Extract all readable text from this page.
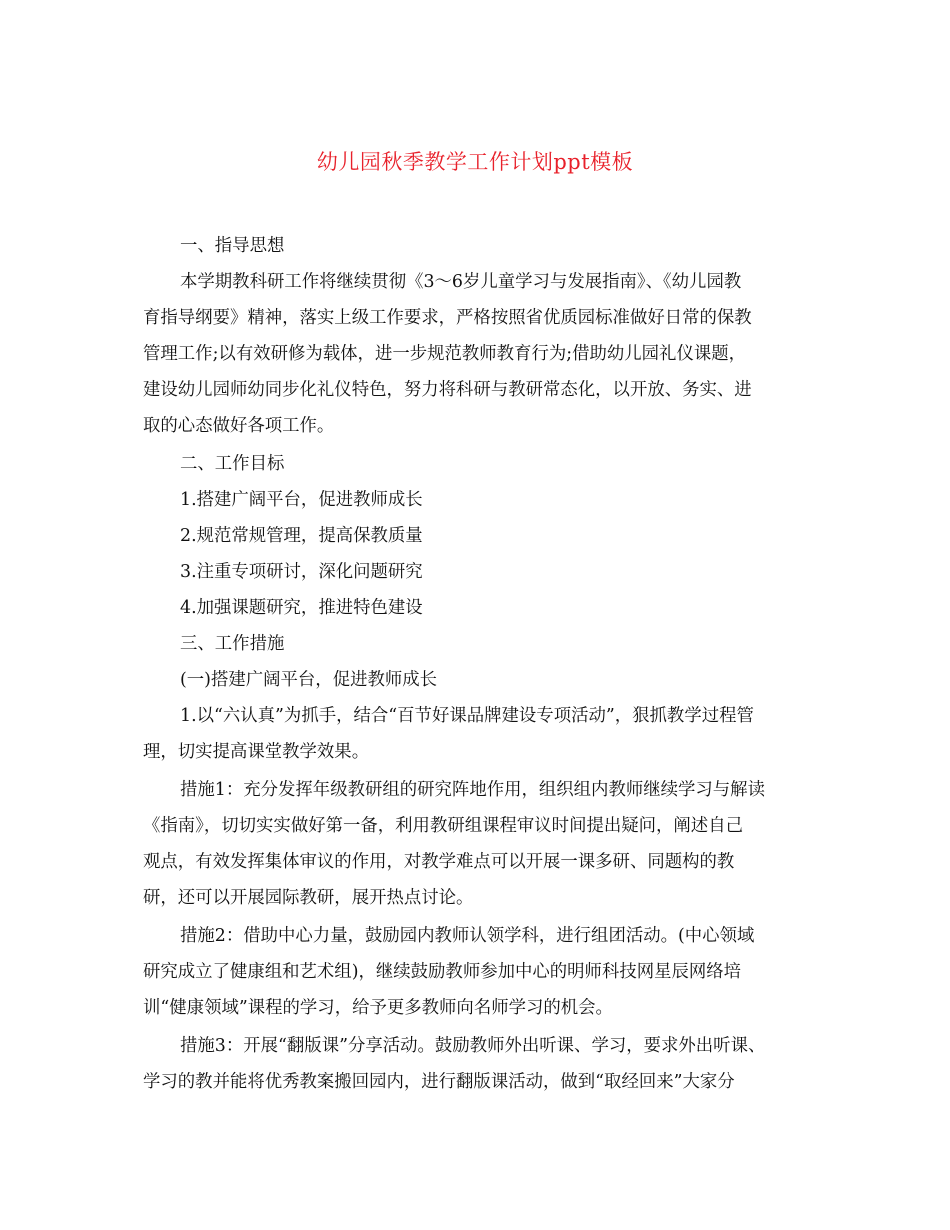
幼儿园秋季教学工作计划ppt模板
一、指导思想
本学期教科研工作将继续贯彻《3～6岁儿童学习与发展指南》、《幼儿园教
育指导纲要》精神，落实上级工作要求，严格按照省优质园标准做好日常的保教
管理工作;以有效研修为载体，进一步规范教师教育行为;借助幼儿园礼仪课题，
建设幼儿园师幼同步化礼仪特色，努力将科研与教研常态化，以开放、务实、进
取的心态做好各项工作。
二、工作目标
1.搭建广阔平台，促进教师成长
2.规范常规管理，提高保教质量
3.注重专项研讨，深化问题研究
4.加强课题研究，推进特色建设
三、工作措施
(一)搭建广阔平台，促进教师成长
1.以“六认真”为抓手，结合“百节好课品牌建设专项活动”，狠抓教学过程管
理，切实提高课堂教学效果。
措施1：充分发挥年级教研组的研究阵地作用，组织组内教师继续学习与解读
《指南》，切切实实做好第一备，利用教研组课程审议时间提出疑问，阐述自己
观点，有效发挥集体审议的作用，对教学难点可以开展一课多研、同题构的教
研，还可以开展园际教研，展开热点讨论。
措施2：借助中心力量，鼓励园内教师认领学科，进行组团活动。(中心领域
研究成立了健康组和艺术组)，继续鼓励教师参加中心的明师科技网星辰网络培
训“健康领域”课程的学习，给予更多教师向名师学习的机会。
措施3：开展“翻版课”分享活动。鼓励教师外出听课、学习，要求外出听课、
学习的教并能将优秀教案搬回园内，进行翻版课活动，做到“取经回来”大家分
